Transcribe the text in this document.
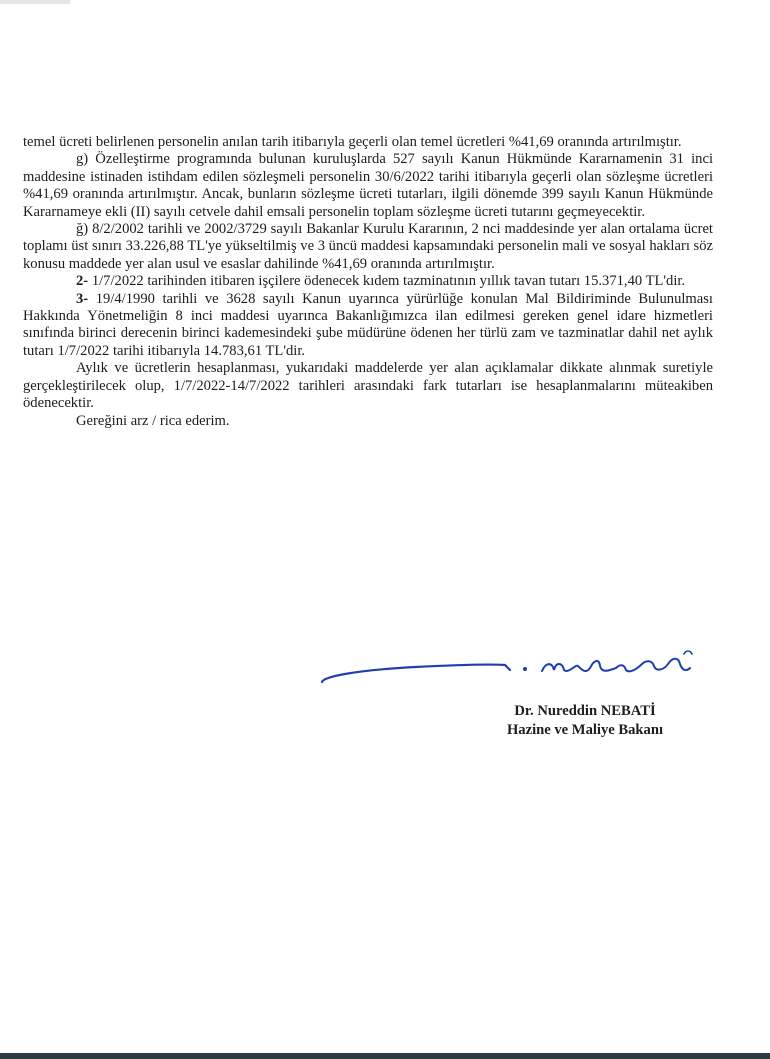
temel ücreti belirlenen personelin anılan tarih itibarıyla geçerli olan temel ücretleri %41,69 oranında artırılmıştır.

g) Özelleştirme programında bulunan kuruluşlarda 527 sayılı Kanun Hükmünde Kararnamenin 31 inci maddesine istinaden istihdam edilen sözleşmeli personelin 30/6/2022 tarihi itibarıyla geçerli olan sözleşme ücretleri %41,69 oranında artırılmıştır. Ancak, bunların sözleşme ücreti tutarları, ilgili dönemde 399 sayılı Kanun Hükmünde Kararnameye ekli (II) sayılı cetvele dahil emsali personelin toplam sözleşme ücreti tutarını geçmeyecektir.

ğ) 8/2/2002 tarihli ve 2002/3729 sayılı Bakanlar Kurulu Kararının, 2 nci maddesinde yer alan ortalama ücret toplamı üst sınırı 33.226,88 TL'ye yükseltilmiş ve 3 üncü maddesi kapsamındaki personelin mali ve sosyal hakları söz konusu maddede yer alan usul ve esaslar dahilinde %41,69 oranında artırılmıştır.

2- 1/7/2022 tarihinden itibaren işçilere ödenecek kıdem tazminatının yıllık tavan tutarı 15.371,40 TL'dir.

3- 19/4/1990 tarihli ve 3628 sayılı Kanun uyarınca yürürlüğe konulan Mal Bildiriminde Bulunulması Hakkında Yönetmeliğin 8 inci maddesi uyarınca Bakanlığımızca ilan edilmesi gereken genel idare hizmetleri sınıfında birinci derecenin birinci kademesindeki şube müdürüne ödenen her türlü zam ve tazminatlar dahil net aylık tutarı 1/7/2022 tarihi itibarıyla 14.783,61 TL'dir.

Aylık ve ücretlerin hesaplanması, yukarıdaki maddelerde yer alan açıklamalar dikkate alınmak suretiyle gerçekleştirilecek olup, 1/7/2022-14/7/2022 tarihleri arasındaki fark tutarları ise hesaplanmalarını müteakiben ödenecektir.

Gereğini arz / rica ederim.

Dr. Nureddin NEBATİ
Hazine ve Maliye Bakanı
